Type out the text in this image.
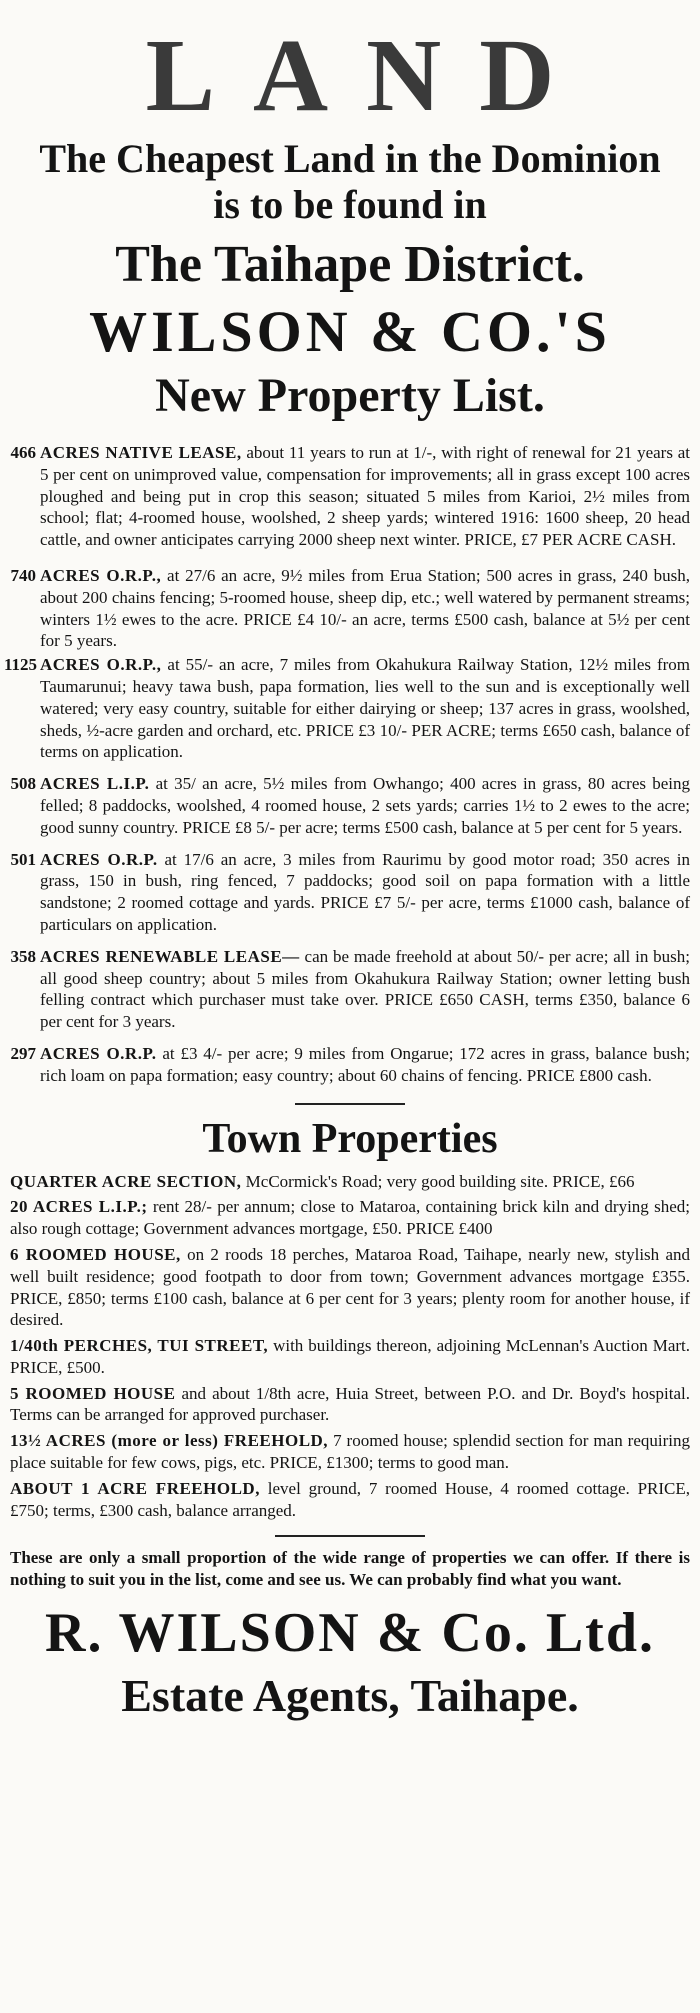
LAND
The Cheapest Land in the Dominion
is to be found in
The Taihape District.
WILSON & CO.'S
New Property List.
466 ACRES NATIVE LEASE, about 11 years to run at 1/-, with right of renewal for 21 years at 5 per cent on unimproved value, compensation for improvements; all in grass except 100 acres ploughed and being put in crop this season; situated 5 miles from Karioi, 2½ miles from school; flat; 4-roomed house, woolshed, 2 sheep yards; wintered 1916: 1600 sheep, 20 head cattle, and owner anticipates carrying 2000 sheep next winter. PRICE, £7 PER ACRE CASH.
740 ACRES O.R.P., at 27/6 an acre, 9½ miles from Erua Station; 500 acres in grass, 240 bush, about 200 chains fencing; 5-roomed house, sheep dip, etc.; well watered by permanent streams; winters 1½ ewes to the acre. PRICE £4 10/- an acre, terms £500 cash, balance at 5½ per cent for 5 years.
1125 ACRES O.R.P., at 55/- an acre, 7 miles from Okahukura Railway Station, 12½ miles from Taumarunui; heavy tawa bush, papa formation, lies well to the sun and is exceptionally well watered; very easy country, suitable for either dairying or sheep; 137 acres in grass, woolshed, sheds, ½-acre garden and orchard, etc. PRICE £3 10/- PER ACRE; terms £650 cash, balance of terms on application.
508 ACRES L.I.P. at 35/ an acre, 5½ miles from Owhango; 400 acres in grass, 80 acres being felled; 8 paddocks, woolshed, 4 roomed house, 2 sets yards; carries 1½ to 2 ewes to the acre; good sunny country. PRICE £8 5/- per acre; terms £500 cash, balance at 5 per cent for 5 years.
501 ACRES O.R.P. at 17/6 an acre, 3 miles from Raurimu by good motor road; 350 acres in grass, 150 in bush, ring fenced, 7 paddocks; good soil on papa formation with a little sandstone; 2 roomed cottage and yards. PRICE £7 5/- per acre, terms £1000 cash, balance of particulars on application.
358 ACRES RENEWABLE LEASE— can be made freehold at about 50/- per acre; all in bush; all good sheep country; about 5 miles from Okahukura Railway Station; owner letting bush felling contract which purchaser must take over. PRICE £650 CASH, terms £350, balance 6 per cent for 3 years.
297 ACRES O.R.P. at £3 4/- per acre; 9 miles from Ongarue; 172 acres in grass, balance bush; rich loam on papa formation; easy country; about 60 chains of fencing. PRICE £800 cash.
Town Properties
QUARTER ACRE SECTION, McCormick's Road; very good building site. PRICE, £66
20 ACRES L.I.P.; rent 28/- per annum; close to Mataroa, containing brick kiln and drying shed; also rough cottage; Government advances mortgage, £50. PRICE £400
6 ROOMED HOUSE, on 2 roods 18 perches, Mataroa Road, Taihape, nearly new, stylish and well built residence; good footpath to door from town; Government advances mortgage £355. PRICE, £850; terms £100 cash, balance at 6 per cent for 3 years; plenty room for another house, if desired.
1/40th PERCHES, TUI STREET, with buildings thereon, adjoining McLennan's Auction Mart. PRICE, £500.
5 ROOMED HOUSE and about 1/8th acre, Huia Street, between P.O. and Dr. Boyd's hospital. Terms can be arranged for approved purchaser.
13½ ACRES (more or less) FREEHOLD, 7 roomed house; splendid section for man requiring place suitable for few cows, pigs, etc. PRICE, £1300; terms to good man.
ABOUT 1 ACRE FREEHOLD, level ground, 7 roomed House, 4 roomed cottage. PRICE, £750; terms, £300 cash, balance arranged.
These are only a small proportion of the wide range of properties we can offer. If there is nothing to suit you in the list, come and see us. We can probably find what you want.
R. WILSON & Co. Ltd.
Estate Agents, Taihape.
